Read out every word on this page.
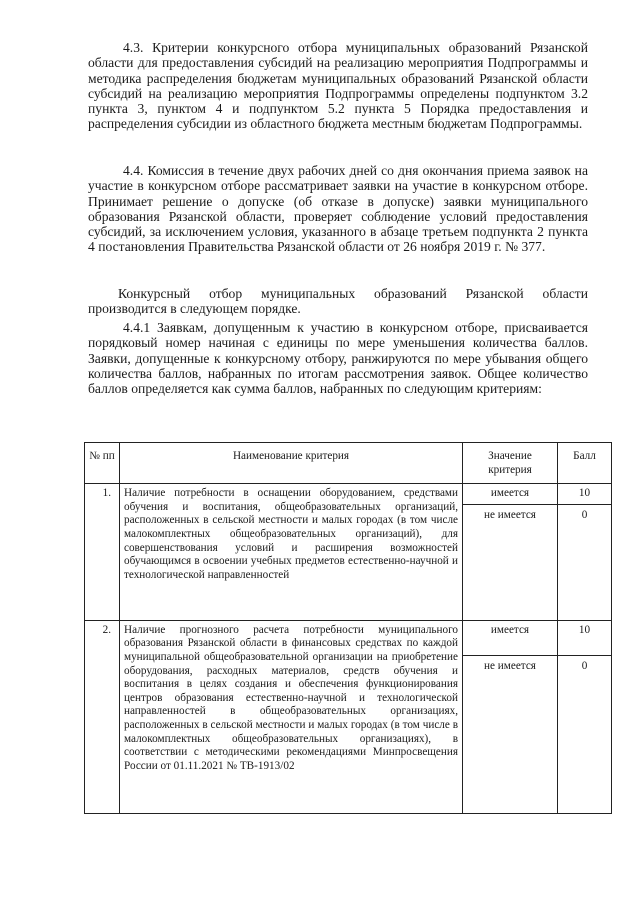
4.3. Критерии конкурсного отбора муниципальных образований Рязанской области для предоставления субсидий на реализацию мероприятия Подпрограммы и методика распределения бюджетам муниципальных образований Рязанской области субсидий на реализацию мероприятия Подпрограммы определены подпунктом 3.2 пункта 3, пунктом 4 и подпунктом 5.2 пункта 5 Порядка предоставления и распределения субсидии из областного бюджета местным бюджетам Подпрограммы.

4.4. Комиссия в течение двух рабочих дней со дня окончания приема заявок на участие в конкурсном отборе рассматривает заявки на участие в конкурсном отборе. Принимает решение о допуске (об отказе в допуске) заявки муниципального образования Рязанской области, проверяет соблюдение условий предоставления субсидий, за исключением условия, указанного в абзаце третьем подпункта 2 пункта 4 постановления Правительства Рязанской области от 26 ноября 2019 г. № 377.

Конкурсный отбор муниципальных образований Рязанской области производится в следующем порядке.

4.4.1 Заявкам, допущенным к участию в конкурсном отборе, присваивается порядковый номер начиная с единицы по мере уменьшения количества баллов. Заявки, допущенные к конкурсному отбору, ранжируются по мере убывания общего количества баллов, набранных по итогам рассмотрения заявок. Общее количество баллов определяется как сумма баллов, набранных по следующим критериям:

№ пп	Наименование критерия	Значение критерия	Балл
1.	Наличие потребности в оснащении оборудованием, средствами обучения и воспитания, общеобразовательных организаций, расположенных в сельской местности и малых городах (в том числе малокомплектных общеобразовательных организаций), для совершенствования условий и расширения возможностей обучающимся в освоении учебных предметов естественно-научной и технологической направленностей	имеется	10
		не имеется	0
2.	Наличие прогнозного расчета потребности муниципального образования Рязанской области в финансовых средствах по каждой муниципальной общеобразовательной организации на приобретение оборудования, расходных материалов, средств обучения и воспитания в целях создания и обеспечения функционирования центров образования естественно-научной и технологической направленностей в общеобразовательных организациях, расположенных в сельской местности и малых городах (в том числе в малокомплектных общеобразовательных организациях), в соответствии с методическими рекомендациями Минпросвещения России от 01.11.2021 № ТВ-1913/02	имеется	10
		не имеется	0
